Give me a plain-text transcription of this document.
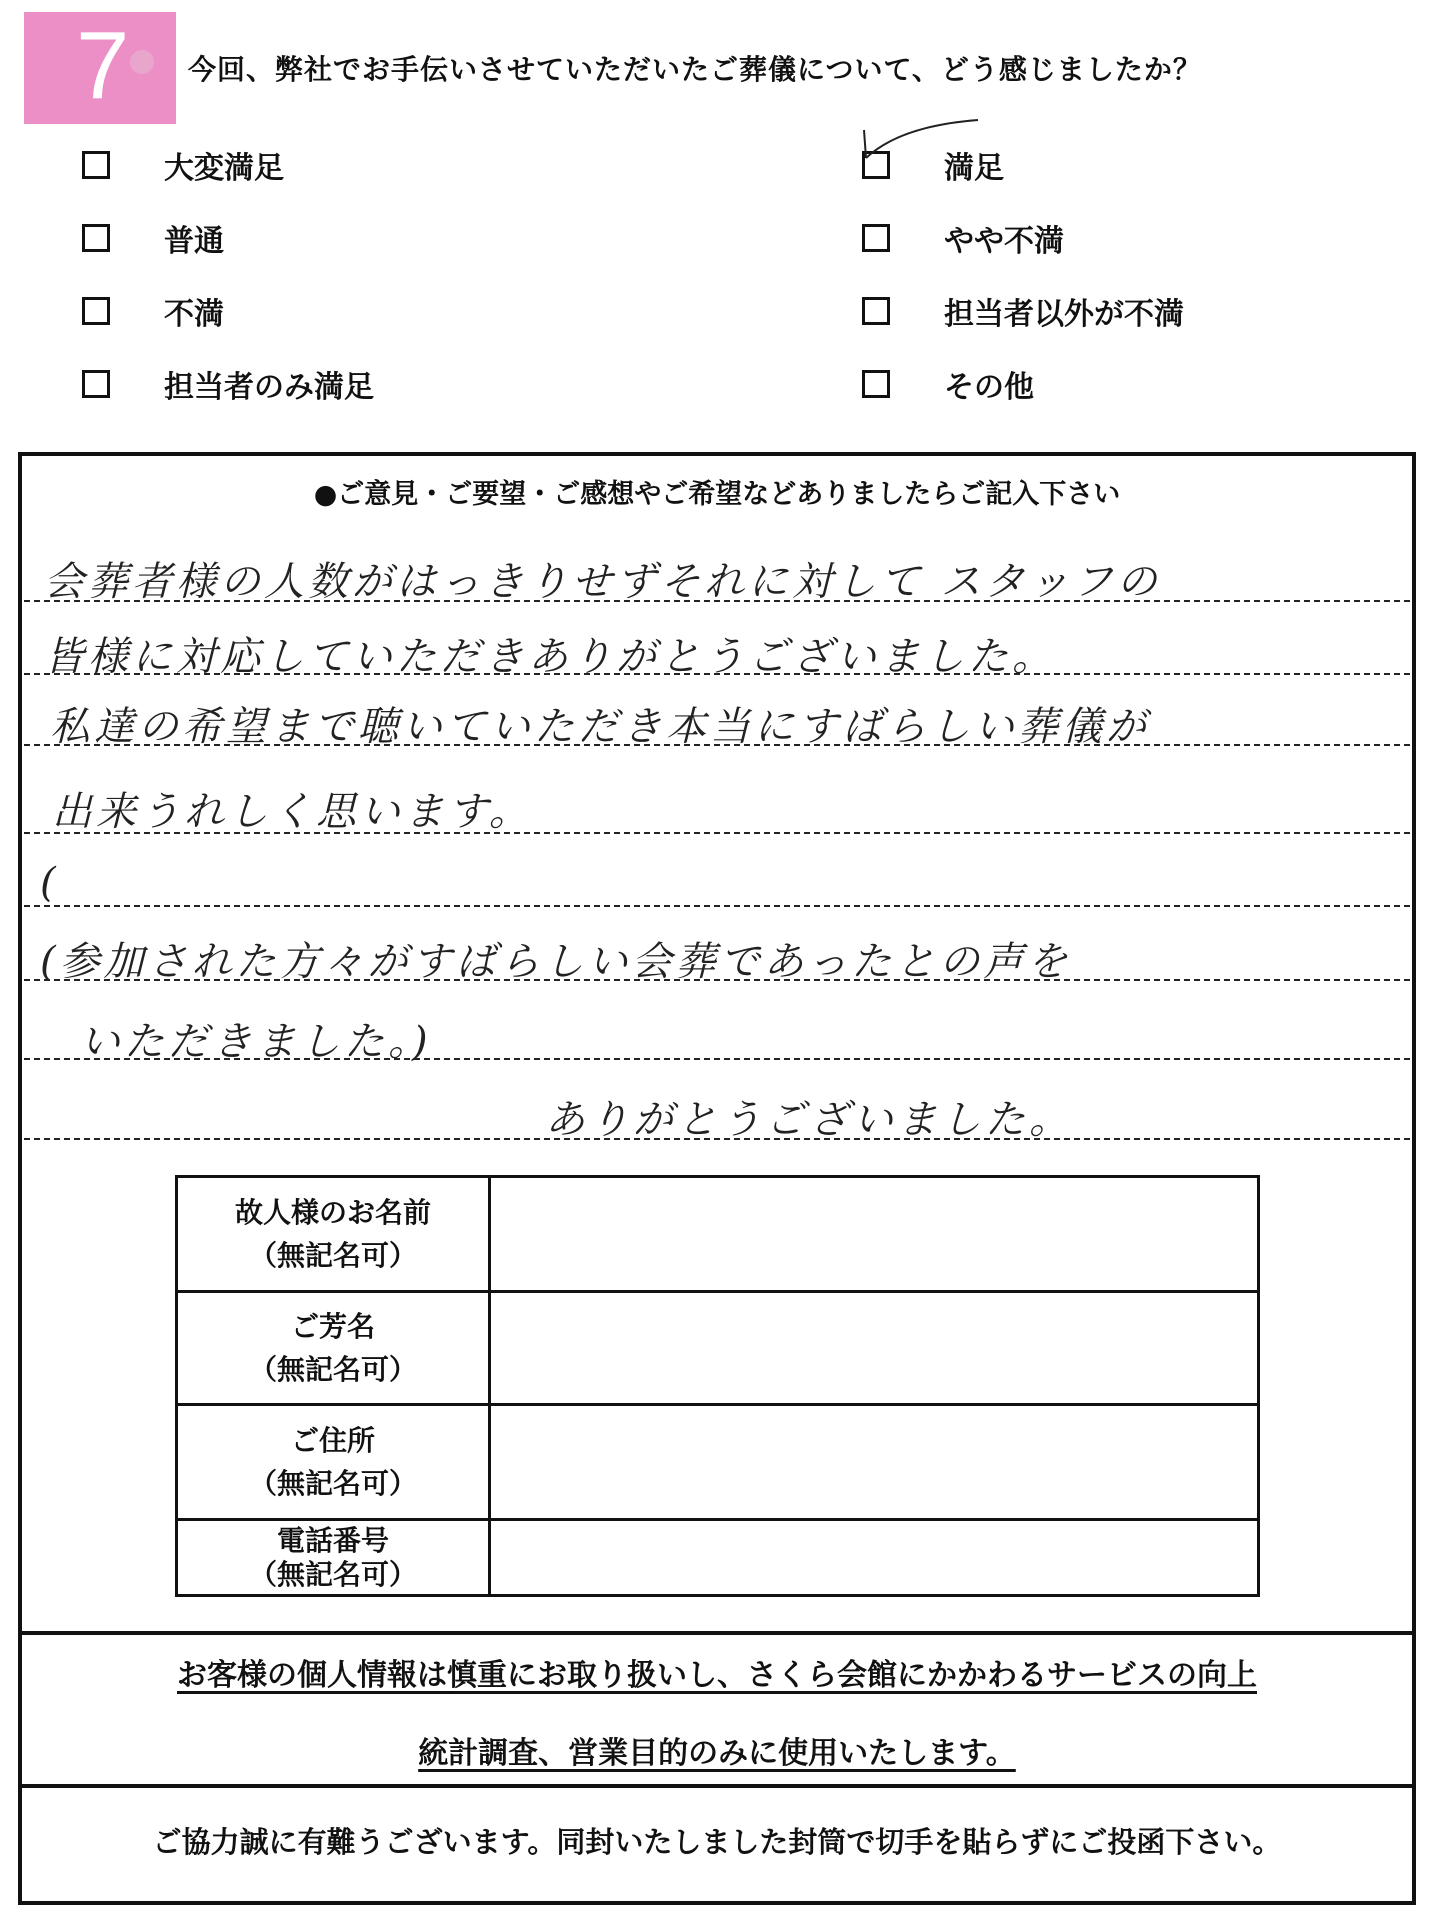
7 今回、弊社でお手伝いさせていただいたご葬儀について、どう感じましたか？
大変満足	満足
普通	やや不満
不満	担当者以外が不満
担当者のみ満足	その他
●ご意見・ご要望・ご感想やご希望などありましたらご記入下さい
会葬者様の人数がはっきりせずそれに対して スタッフの
皆様に対応していただきありがとうございました。
私達の希望まで聴いていただき本当にすばらしい葬儀が
出来うれしく思います。
(
(参加された方々がすばらしい会葬であったとの声を
いただきました。)
ありがとうございました。
故人様のお名前
（無記名可）	

ご芳名
（無記名可）	

ご住所
（無記名可）	

電話番号
（無記名可）	

お客様の個人情報は慎重にお取り扱いし、さくら会館にかかわるサービスの向上
統計調査、営業目的のみに使用いたします。
ご協力誠に有難うございます。同封いたしました封筒で切手を貼らずにご投函下さい。
